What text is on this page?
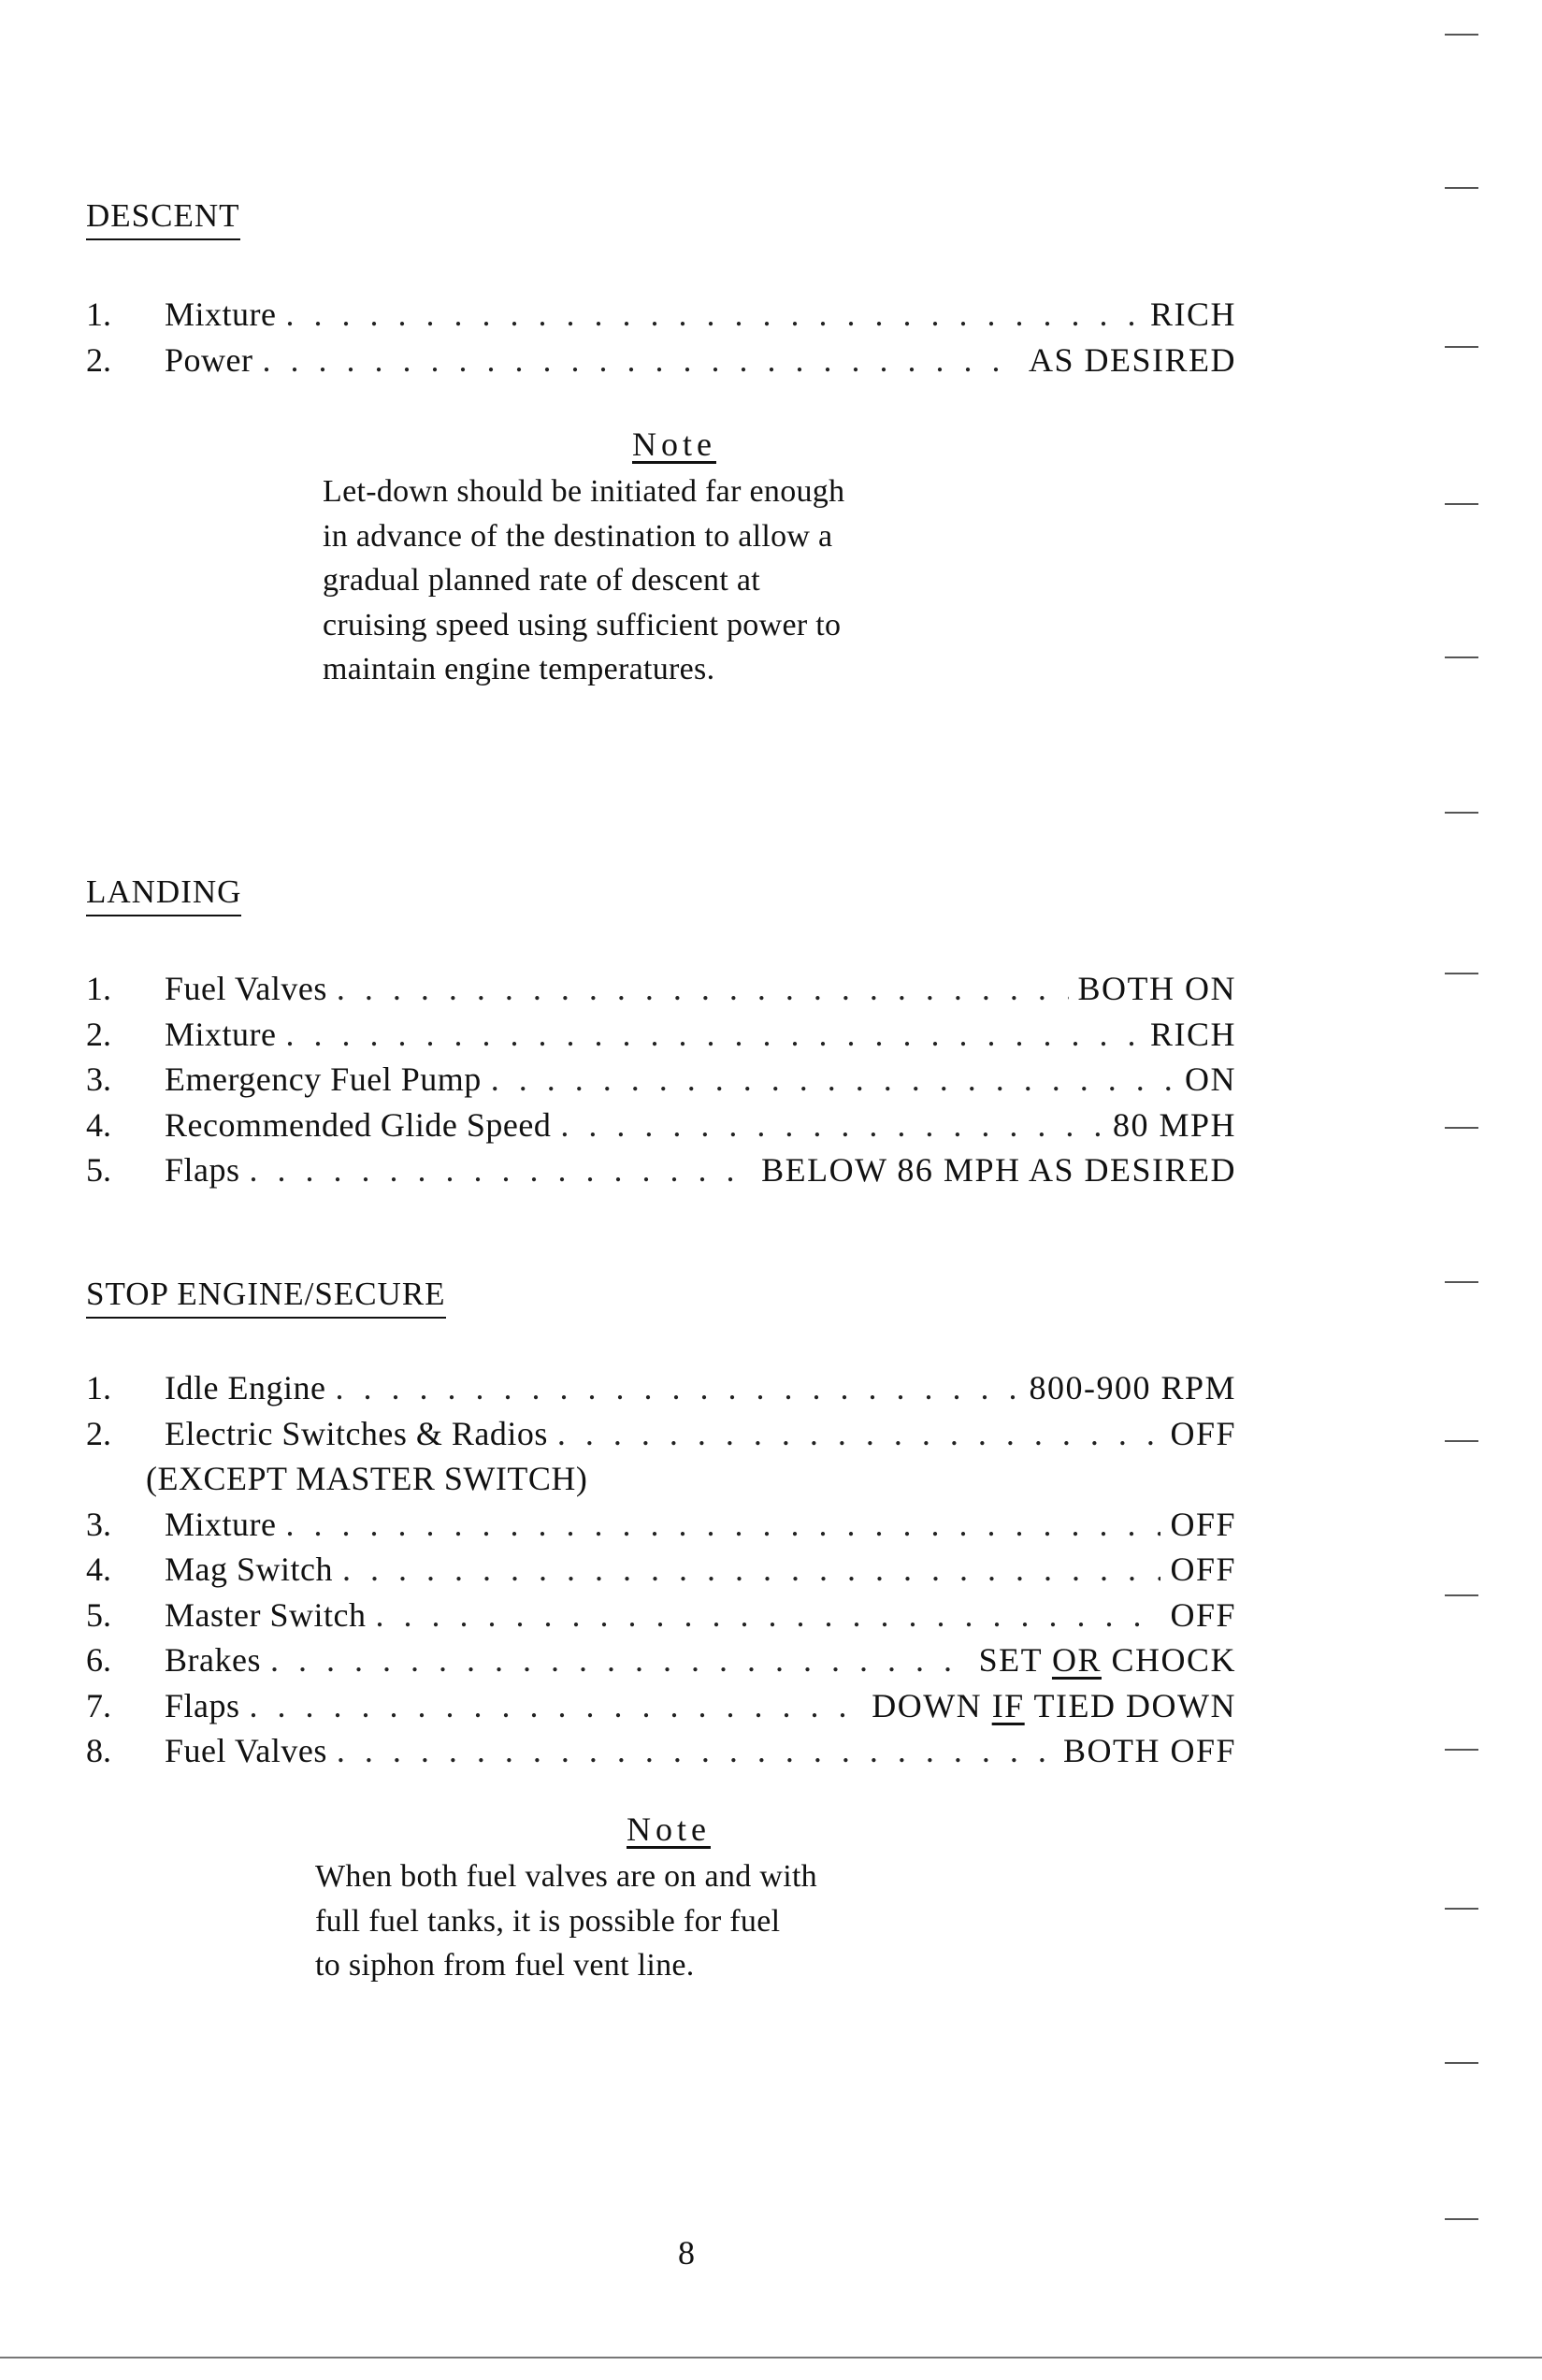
DESCENT
1.	Mixture . . .	RICH
2.	Power . . .	AS DESIRED
Note
Let-down should be initiated far enough
in advance of the destination to allow a
gradual planned rate of descent at
cruising speed using sufficient power to
maintain engine temperatures.
LANDING
1.	Fuel Valves . . .	BOTH ON
2.	Mixture . . .	RICH
3.	Emergency Fuel Pump . . .	ON
4.	Recommended Glide Speed . . .	80 MPH
5.	Flaps . . .	BELOW 86 MPH AS DESIRED
STOP ENGINE/SECURE
1.	Idle Engine . . .	800-900 RPM
2.	Electric Switches & Radios . . .	OFF
(EXCEPT MASTER SWITCH)
3.	Mixture . . .	OFF
4.	Mag Switch . . .	OFF
5.	Master Switch . . .	OFF
6.	Brakes . . .	SET OR CHOCK
7.	Flaps . . .	DOWN IF TIED DOWN
8.	Fuel Valves . . .	BOTH OFF
Note
When both fuel valves are on and with
full fuel tanks, it is possible for fuel
to siphon from fuel vent line.
8
